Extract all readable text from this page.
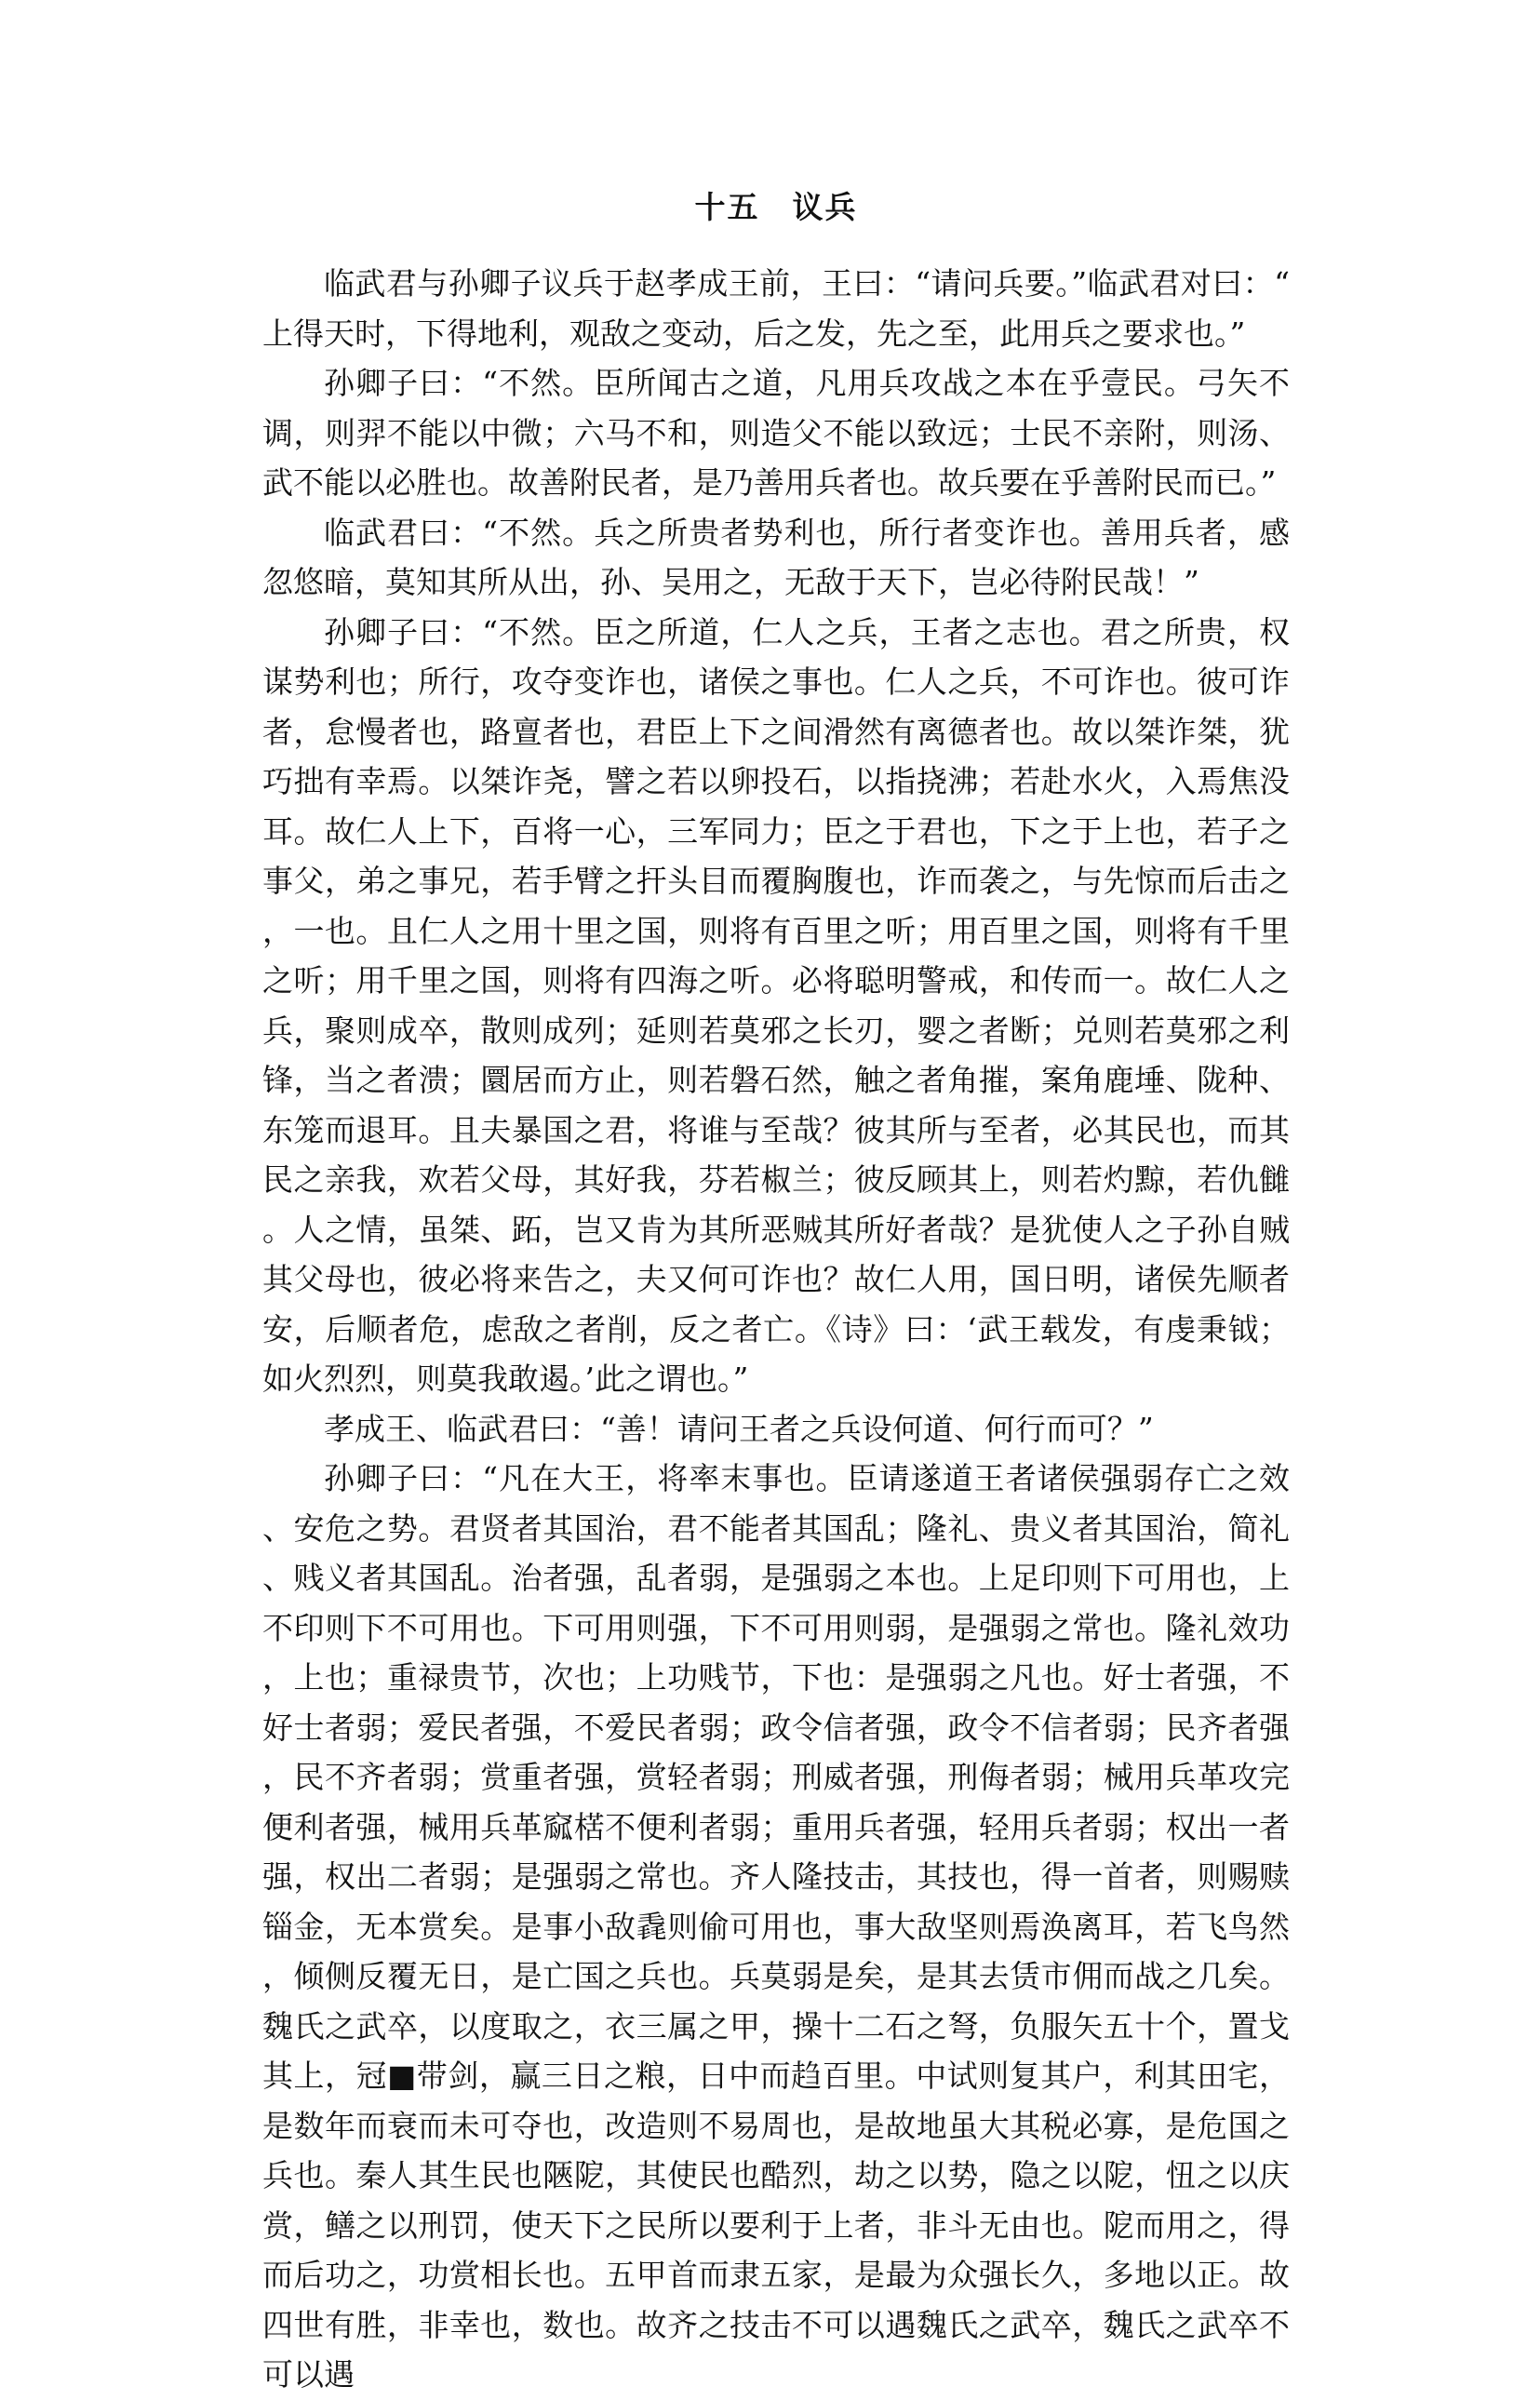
十五　议兵

临武君与孙卿子议兵于赵孝成王前，王曰：“请问兵要。”临武君对曰：“上得天时，下得地利，观敌之变动，后之发，先之至，此用兵之要求也。”

孙卿子曰：“不然。臣所闻古之道，凡用兵攻战之本在乎壹民。弓矢不调，则羿不能以中微；六马不和，则造父不能以致远；士民不亲附，则汤、武不能以必胜也。故善附民者，是乃善用兵者也。故兵要在乎善附民而已。”

临武君曰：“不然。兵之所贵者势利也，所行者变诈也。善用兵者，感忽悠暗，莫知其所从出，孙、吴用之，无敌于天下，岂必待附民哉！”

孙卿子曰：“不然。臣之所道，仁人之兵，王者之志也。君之所贵，权谋势利也；所行，攻夺变诈也，诸侯之事也。仁人之兵，不可诈也。彼可诈者，怠慢者也，路亶者也，君臣上下之间滑然有离德者也。故以桀诈桀，犹巧拙有幸焉。以桀诈尧，譬之若以卵投石，以指挠沸；若赴水火，入焉焦没耳。故仁人上下，百将一心，三军同力；臣之于君也，下之于上也，若子之事父，弟之事兄，若手臂之扞头目而覆胸腹也，诈而袭之，与先惊而后击之，一也。且仁人之用十里之国，则将有百里之听；用百里之国，则将有千里之听；用千里之国，则将有四海之听。必将聪明警戒，和传而一。故仁人之兵，聚则成卒，散则成列；延则若莫邪之长刃，婴之者断；兑则若莫邪之利锋，当之者溃；圜居而方止，则若磐石然，触之者角摧，案角鹿埵、陇种、东笼而退耳。且夫暴国之君，将谁与至哉？彼其所与至者，必其民也，而其民之亲我，欢若父母，其好我，芬若椒兰；彼反顾其上，则若灼黥，若仇雠。人之情，虽桀、跖，岂又肯为其所恶贼其所好者哉？是犹使人之子孙自贼其父母也，彼必将来告之，夫又何可诈也？故仁人用，国日明，诸侯先顺者安，后顺者危，虑敌之者削，反之者亡。《诗》曰：‘武王载发，有虔秉钺；如火烈烈，则莫我敢遏。’此之谓也。”

孝成王、临武君曰：“善！请问王者之兵设何道、何行而可？”

孙卿子曰：“凡在大王，将率末事也。臣请遂道王者诸侯强弱存亡之效、安危之势。君贤者其国治，君不能者其国乱；隆礼、贵义者其国治，简礼、贱义者其国乱。治者强，乱者弱，是强弱之本也。上足印则下可用也，上不印则下不可用也。下可用则强，下不可用则弱，是强弱之常也。隆礼效功，上也；重禄贵节，次也；上功贱节，下也：是强弱之凡也。好士者强，不好士者弱；爱民者强，不爱民者弱；政令信者强，政令不信者弱；民齐者强，民不齐者弱；赏重者强，赏轻者弱；刑威者强，刑侮者弱；械用兵革攻完便利者强，械用兵革窳楛不便利者弱；重用兵者强，轻用兵者弱；权出一者强，权出二者弱；是强弱之常也。齐人隆技击，其技也，得一首者，则赐赎锱金，无本赏矣。是事小敌毳则偷可用也，事大敌坚则焉涣离耳，若飞鸟然，倾侧反覆无日，是亡国之兵也。兵莫弱是矣，是其去赁市佣而战之几矣。魏氏之武卒，以度取之，衣三属之甲，操十二石之弩，负服矢五十个，置戈其上，冠■带剑，赢三日之粮，日中而趋百里。中试则复其户，利其田宅，是数年而衰而未可夺也，改造则不易周也，是故地虽大其税必寡，是危国之兵也。秦人其生民也陿阸，其使民也酷烈，劫之以势，隐之以阸，忸之以庆赏，鳝之以刑罚，使天下之民所以要利于上者，非斗无由也。阸而用之，得而后功之，功赏相长也。五甲首而隶五家，是最为众强长久，多地以正。故四世有胜，非幸也，数也。故齐之技击不可以遇魏氏之武卒，魏氏之武卒不可以遇
